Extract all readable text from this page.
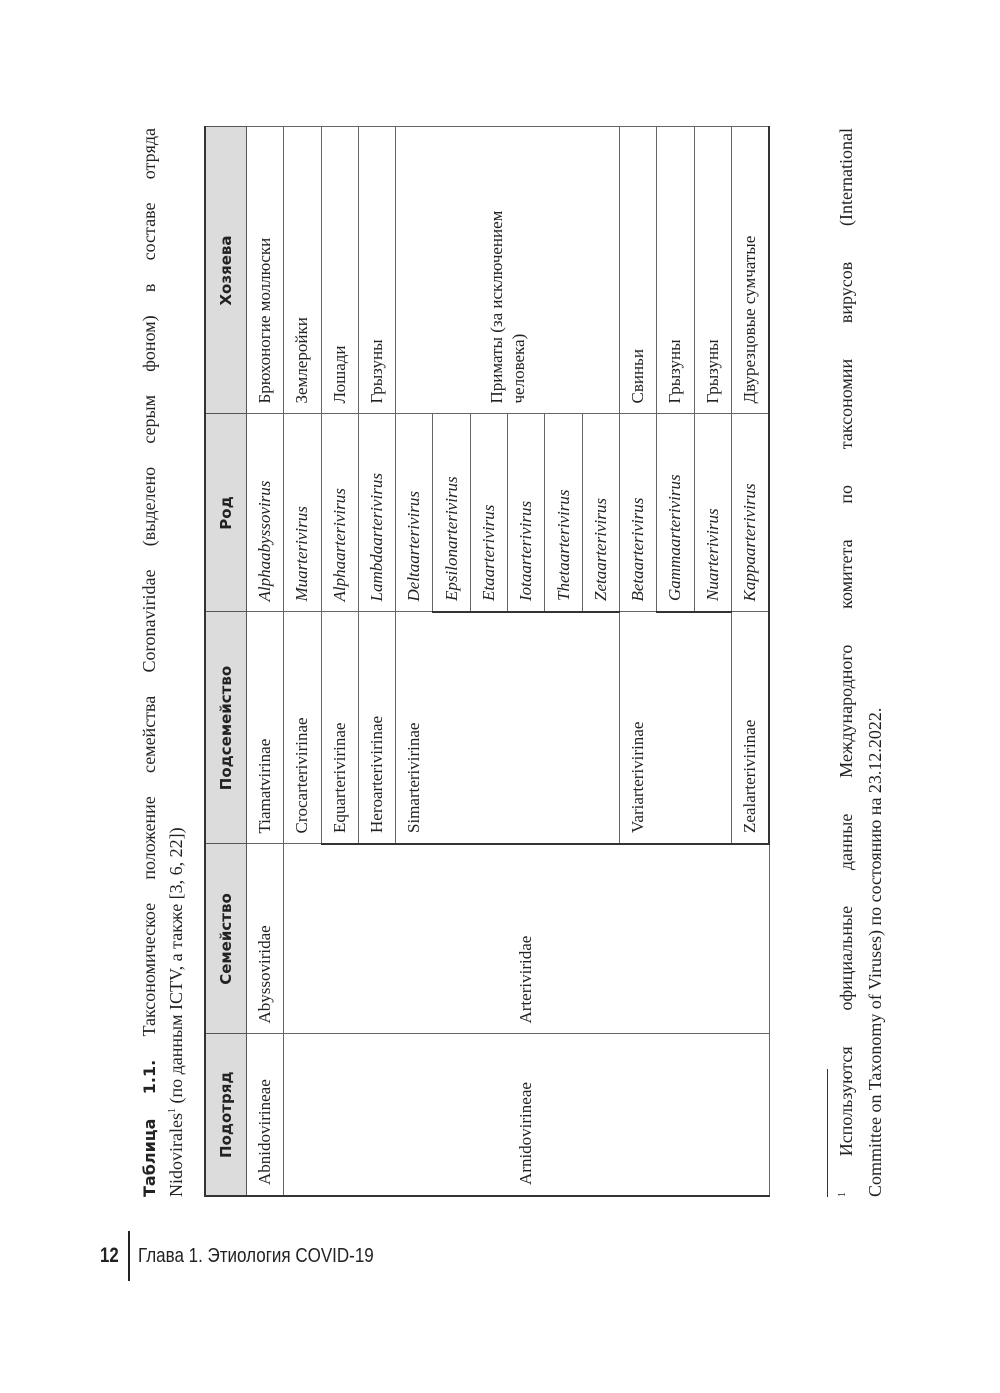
Таблица 1.1. Таксономическое положение семейства Coronaviridae (выделено серым фоном) в составе отряда
Nidovirales$^1$ (по данным ICTV, а также [3, 6, 22])
Подотряд	Семейство	Подсемейство	Род	Хозяева
Abnidovirineae	Abyssoviridae	Tiamatvirinae	Alphaabyssovirus	Брюхоногие моллюски
Arnidovirineae	Arteriviridae	Crocarterivirinae	Muarterivirus	Землеройки
		Equarterivirinae	Alphaarterivirus	Лошади
		Heroarterivirinae	Lambdaarterivirus	Грызуны
		Simarterivirinae	Deltaarterivirus	Приматы (за исключением человека)
			Epsilonarterivirus	
			Etaarterivirus	
			Iotaarterivirus	
			Thetaarterivirus	
			Zetaarterivirus	
		Variarterivirinae	Betaarterivirus	Свиньи
			Gammaarterivirus	Грызуны
			Nuarterivirus	Грызуны
		Zealarterivirinae	Kappaarterivirus	Двурезцовые сумчатые
$^1$ Используются официальные данные Международного комитета по таксономии вирусов (International Committee on Taxonomy of Viruses) по состоянию на 23.12.2022.
12 Глава 1. Этиология COVID-19
